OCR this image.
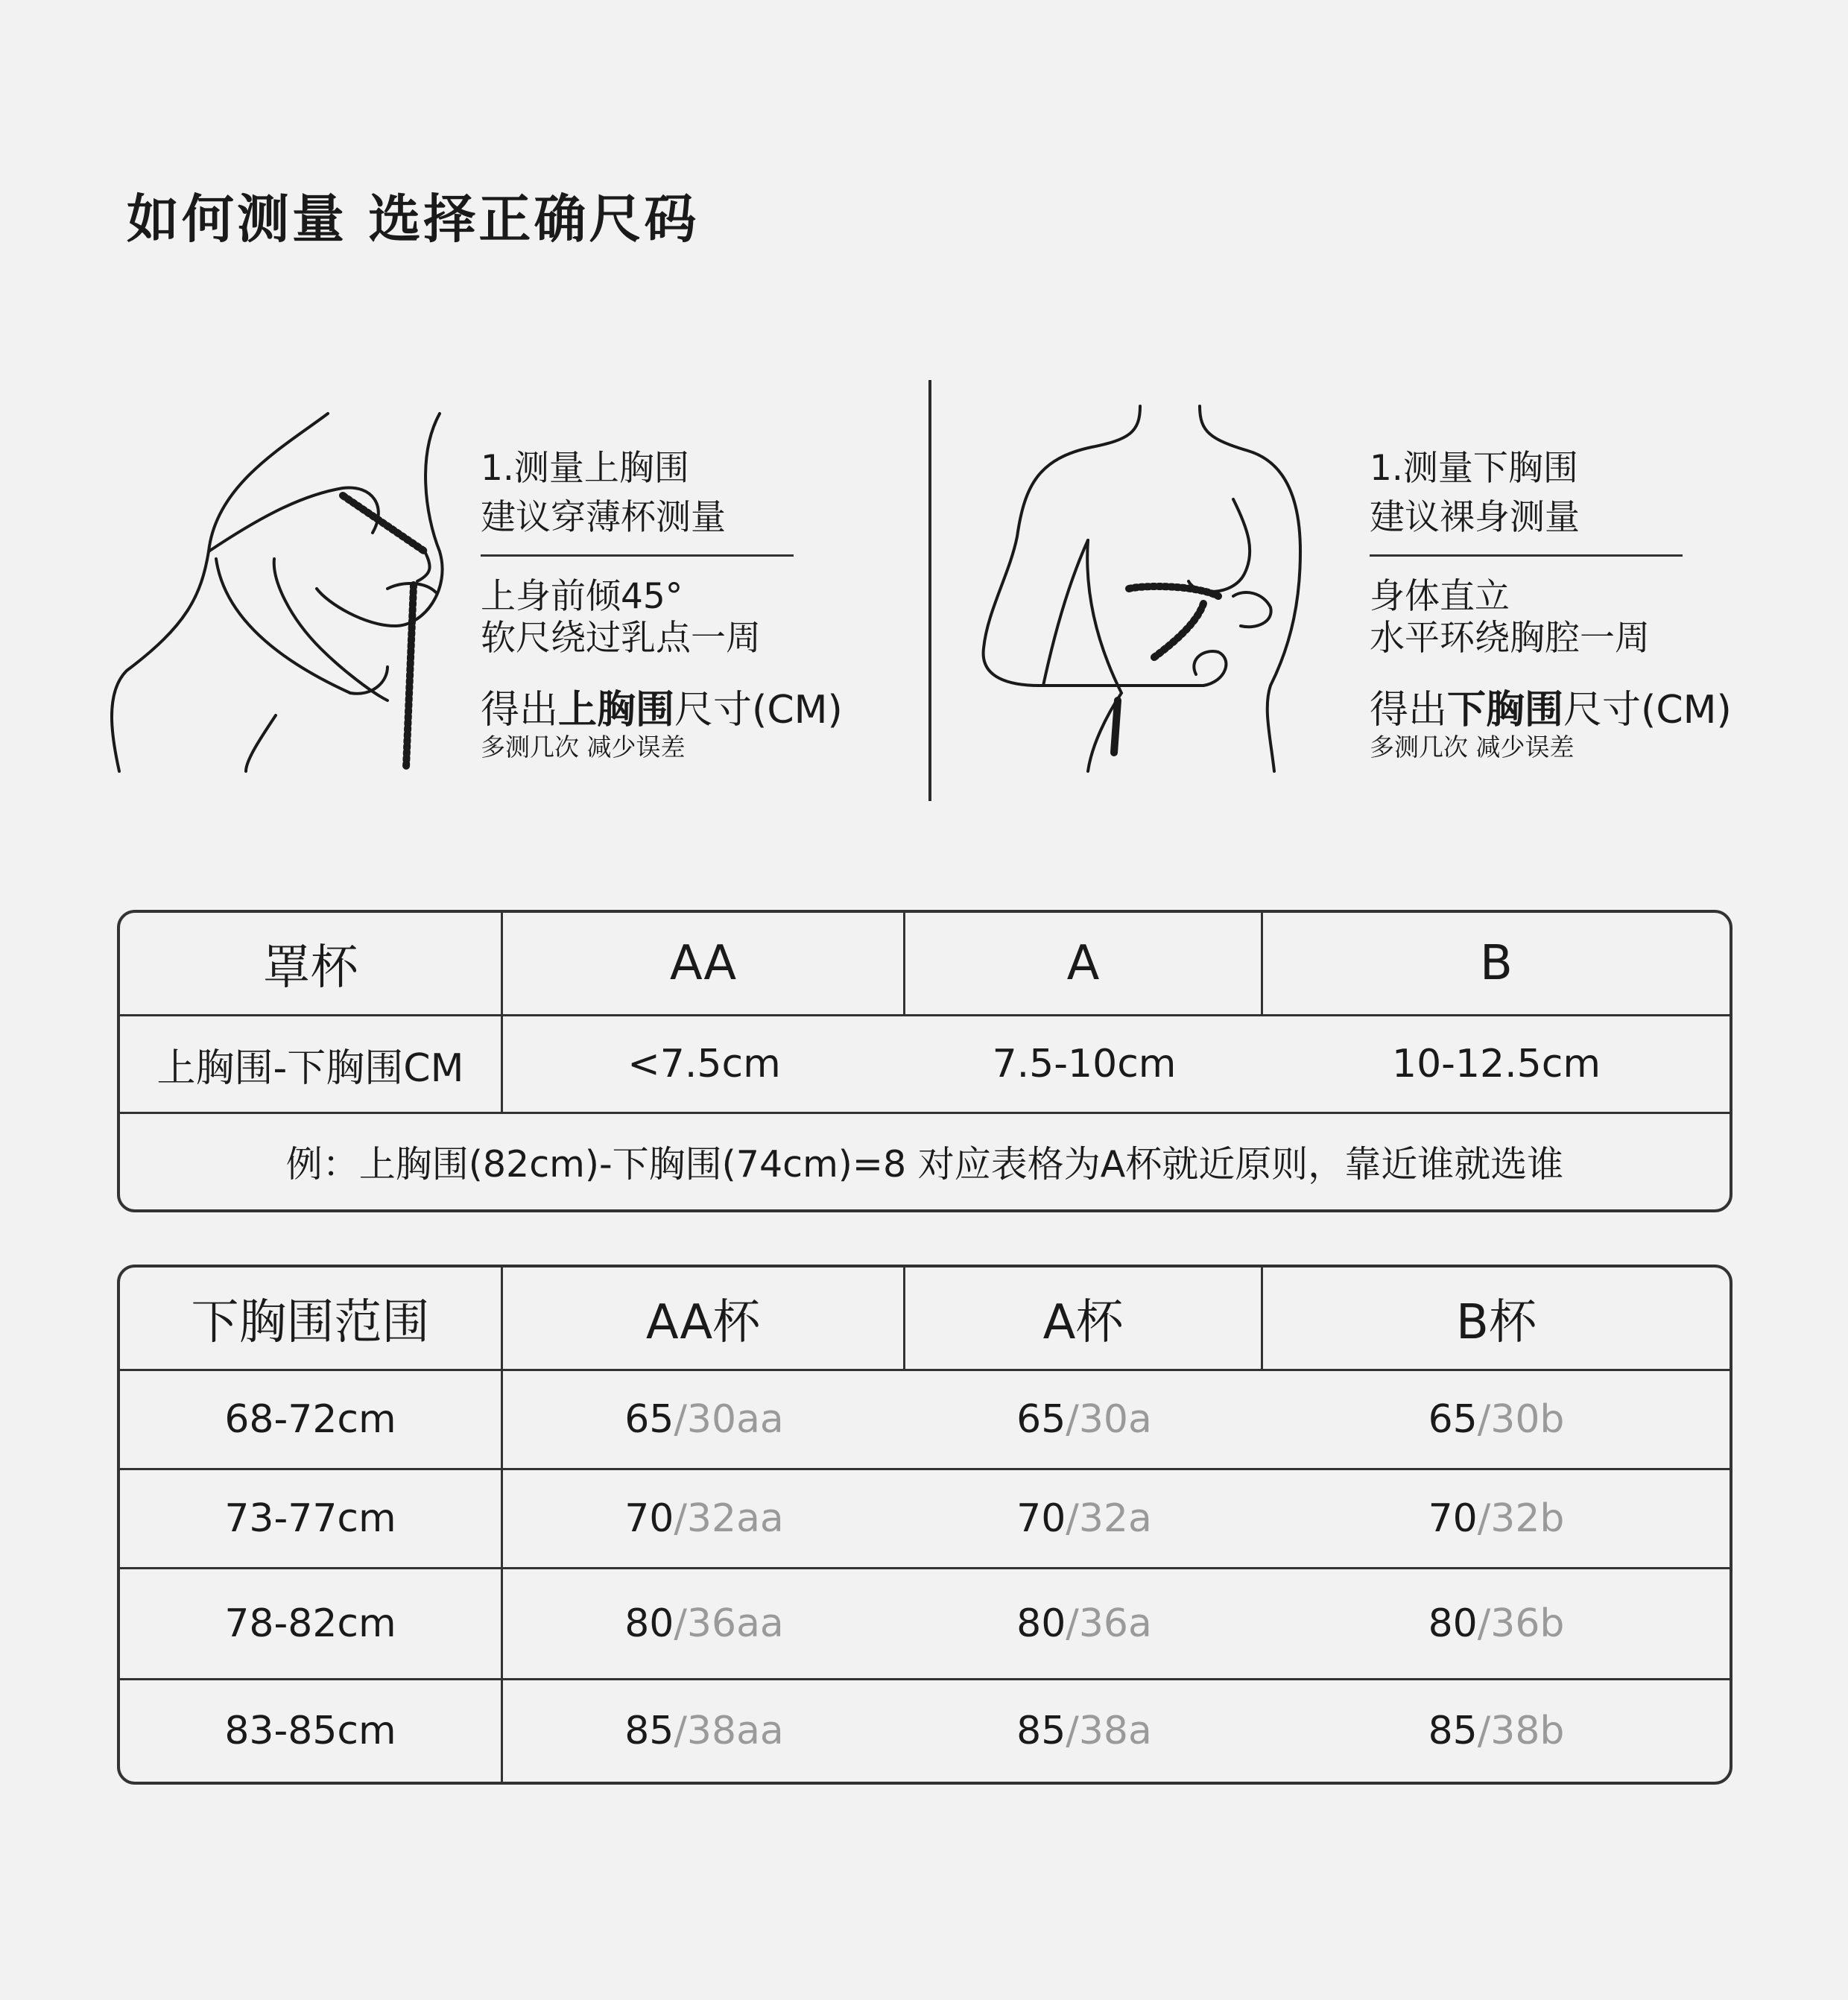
如何测量 选择正确尺码
1.测量上胸围
建议穿薄杯测量
上身前倾45°
软尺绕过乳点一周
得出上胸围尺寸(CM)
多测几次 减少误差
1.测量下胸围
建议裸身测量
身体直立
水平环绕胸腔一周
得出下胸围尺寸(CM)
多测几次 减少误差
罩杯	AA	A	B
上胸围-下胸围CM	<7.5cm	7.5-10cm	10-12.5cm
例：上胸围(82cm)-下胸围(74cm)=8 对应表格为A杯就近原则，靠近谁就选谁			
下胸围范围	AA杯	A杯	B杯
68-72cm	65/30aa	65/30a	65/30b
73-77cm	70/32aa	70/32a	70/32b
78-82cm	80/36aa	80/36a	80/36b
83-85cm	85/38aa	85/38a	85/38b
